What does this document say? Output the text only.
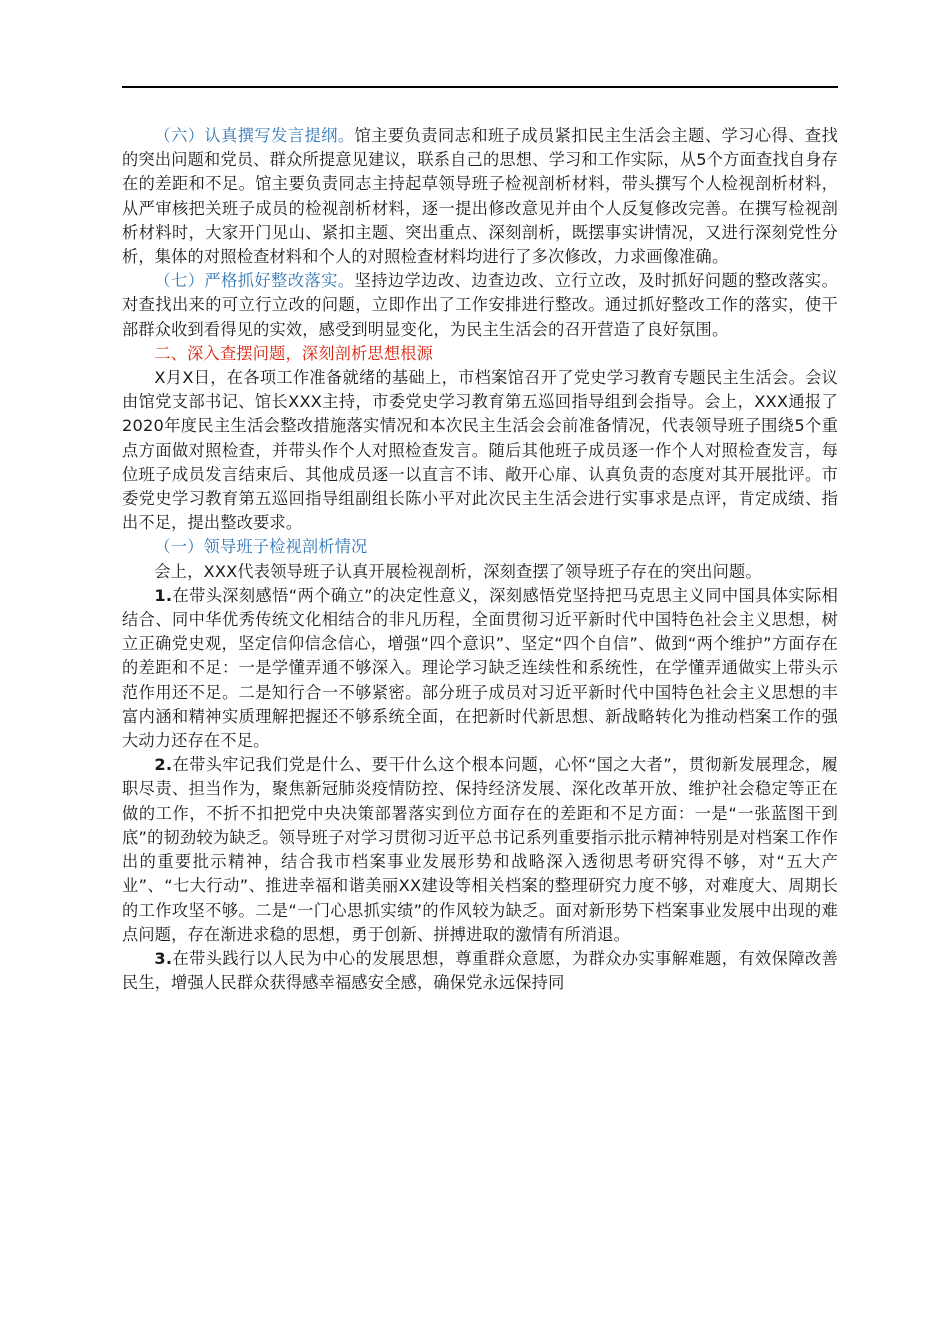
（六）认真撰写发言提纲。馆主要负责同志和班子成员紧扣民主生活会主题、学习心得、查找的突出问题和党员、群众所提意见建议，联系自己的思想、学习和工作实际，从5个方面查找自身存在的差距和不足。馆主要负责同志主持起草领导班子检视剖析材料，带头撰写个人检视剖析材料，从严审核把关班子成员的检视剖析材料，逐一提出修改意见并由个人反复修改完善。在撰写检视剖析材料时，大家开门见山、紧扣主题、突出重点、深刻剖析，既摆事实讲情况，又进行深刻党性分析，集体的对照检查材料和个人的对照检查材料均进行了多次修改，力求画像准确。

（七）严格抓好整改落实。坚持边学边改、边查边改、立行立改，及时抓好问题的整改落实。对查找出来的可立行立改的问题，立即作出了工作安排进行整改。通过抓好整改工作的落实，使干部群众收到看得见的实效，感受到明显变化，为民主生活会的召开营造了良好氛围。

二、深入查摆问题，深刻剖析思想根源

X月X日，在各项工作准备就绪的基础上，市档案馆召开了党史学习教育专题民主生活会。会议由馆党支部书记、馆长XXX主持，市委党史学习教育第五巡回指导组到会指导。会上，XXX通报了2020年度民主生活会整改措施落实情况和本次民主生活会会前准备情况，代表领导班子围绕5个重点方面做对照检查，并带头作个人对照检查发言。随后其他班子成员逐一作个人对照检查发言，每位班子成员发言结束后、其他成员逐一以直言不讳、敞开心扉、认真负责的态度对其开展批评。市委党史学习教育第五巡回指导组副组长陈小平对此次民主生活会进行实事求是点评，肯定成绩、指出不足，提出整改要求。

（一）领导班子检视剖析情况

会上，XXX代表领导班子认真开展检视剖析，深刻查摆了领导班子存在的突出问题。

1.在带头深刻感悟“两个确立”的决定性意义，深刻感悟党坚持把马克思主义同中国具体实际相结合、同中华优秀传统文化相结合的非凡历程，全面贯彻习近平新时代中国特色社会主义思想，树立正确党史观，坚定信仰信念信心，增强“四个意识”、坚定“四个自信”、做到“两个维护”方面存在的差距和不足：一是学懂弄通不够深入。理论学习缺乏连续性和系统性，在学懂弄通做实上带头示范作用还不足。二是知行合一不够紧密。部分班子成员对习近平新时代中国特色社会主义思想的丰富内涵和精神实质理解把握还不够系统全面，在把新时代新思想、新战略转化为推动档案工作的强大动力还存在不足。

2.在带头牢记我们党是什么、要干什么这个根本问题，心怀“国之大者”，贯彻新发展理念，履职尽责、担当作为，聚焦新冠肺炎疫情防控、保持经济发展、深化改革开放、维护社会稳定等正在做的工作，不折不扣把党中央决策部署落实到位方面存在的差距和不足方面：一是“一张蓝图干到底”的韧劲较为缺乏。领导班子对学习贯彻习近平总书记系列重要指示批示精神特别是对档案工作作出的重要批示精神，结合我市档案事业发展形势和战略深入透彻思考研究得不够，对“五大产业”、“七大行动”、推进幸福和谐美丽XX建设等相关档案的整理研究力度不够，对难度大、周期长的工作攻坚不够。二是“一门心思抓实绩”的作风较为缺乏。面对新形势下档案事业发展中出现的难点问题，存在渐进求稳的思想，勇于创新、拼搏进取的激情有所消退。

3.在带头践行以人民为中心的发展思想，尊重群众意愿，为群众办实事解难题，有效保障改善民生，增强人民群众获得感幸福感安全感，确保党永远保持同
